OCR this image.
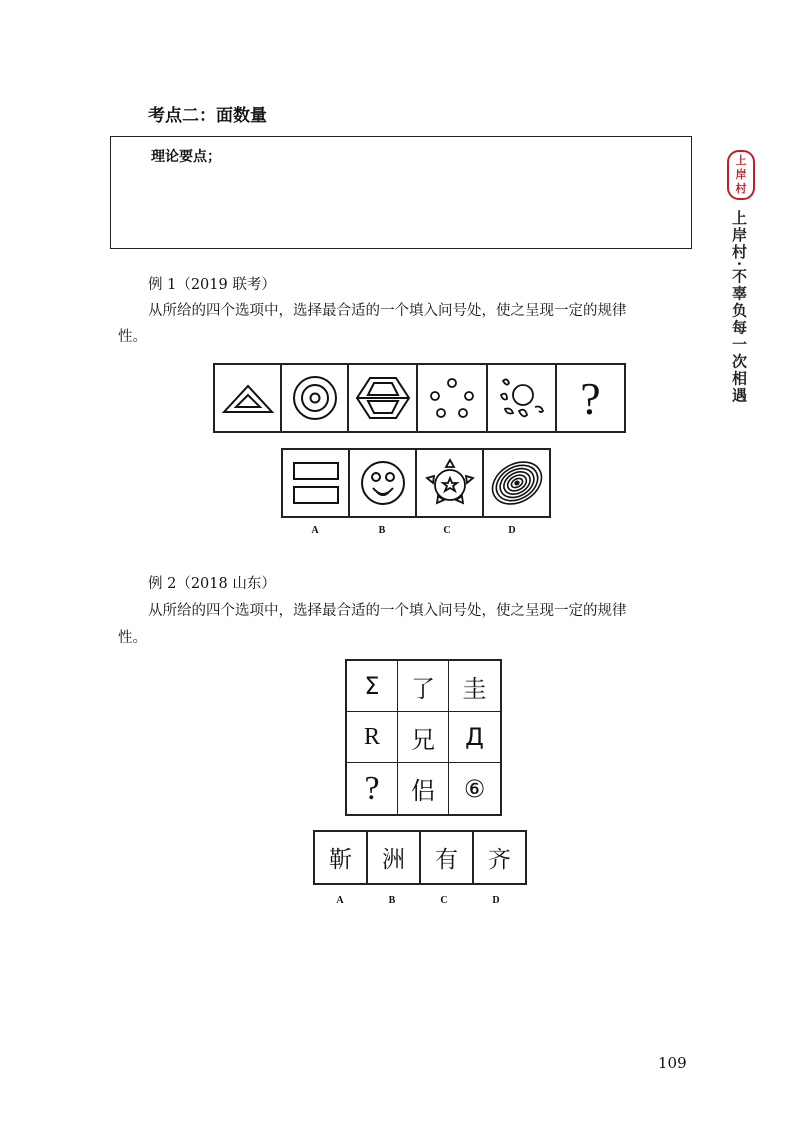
考点二：面数量
理论要点；
例 1（2019 联考）
从所给的四个选项中，选择最合适的一个填入问号处，使之呈现一定的规律
性。
?
A	B	C	D
例 2（2018 山东）
从所给的四个选项中，选择最合适的一个填入问号处，使之呈现一定的规律
性。
Σ	了	圭
R	兄	Д
?	侣	⑥
靳	洲	有	齐
A	B	C	D
上
岸
村
上岸村·不辜负每一次相遇
109
